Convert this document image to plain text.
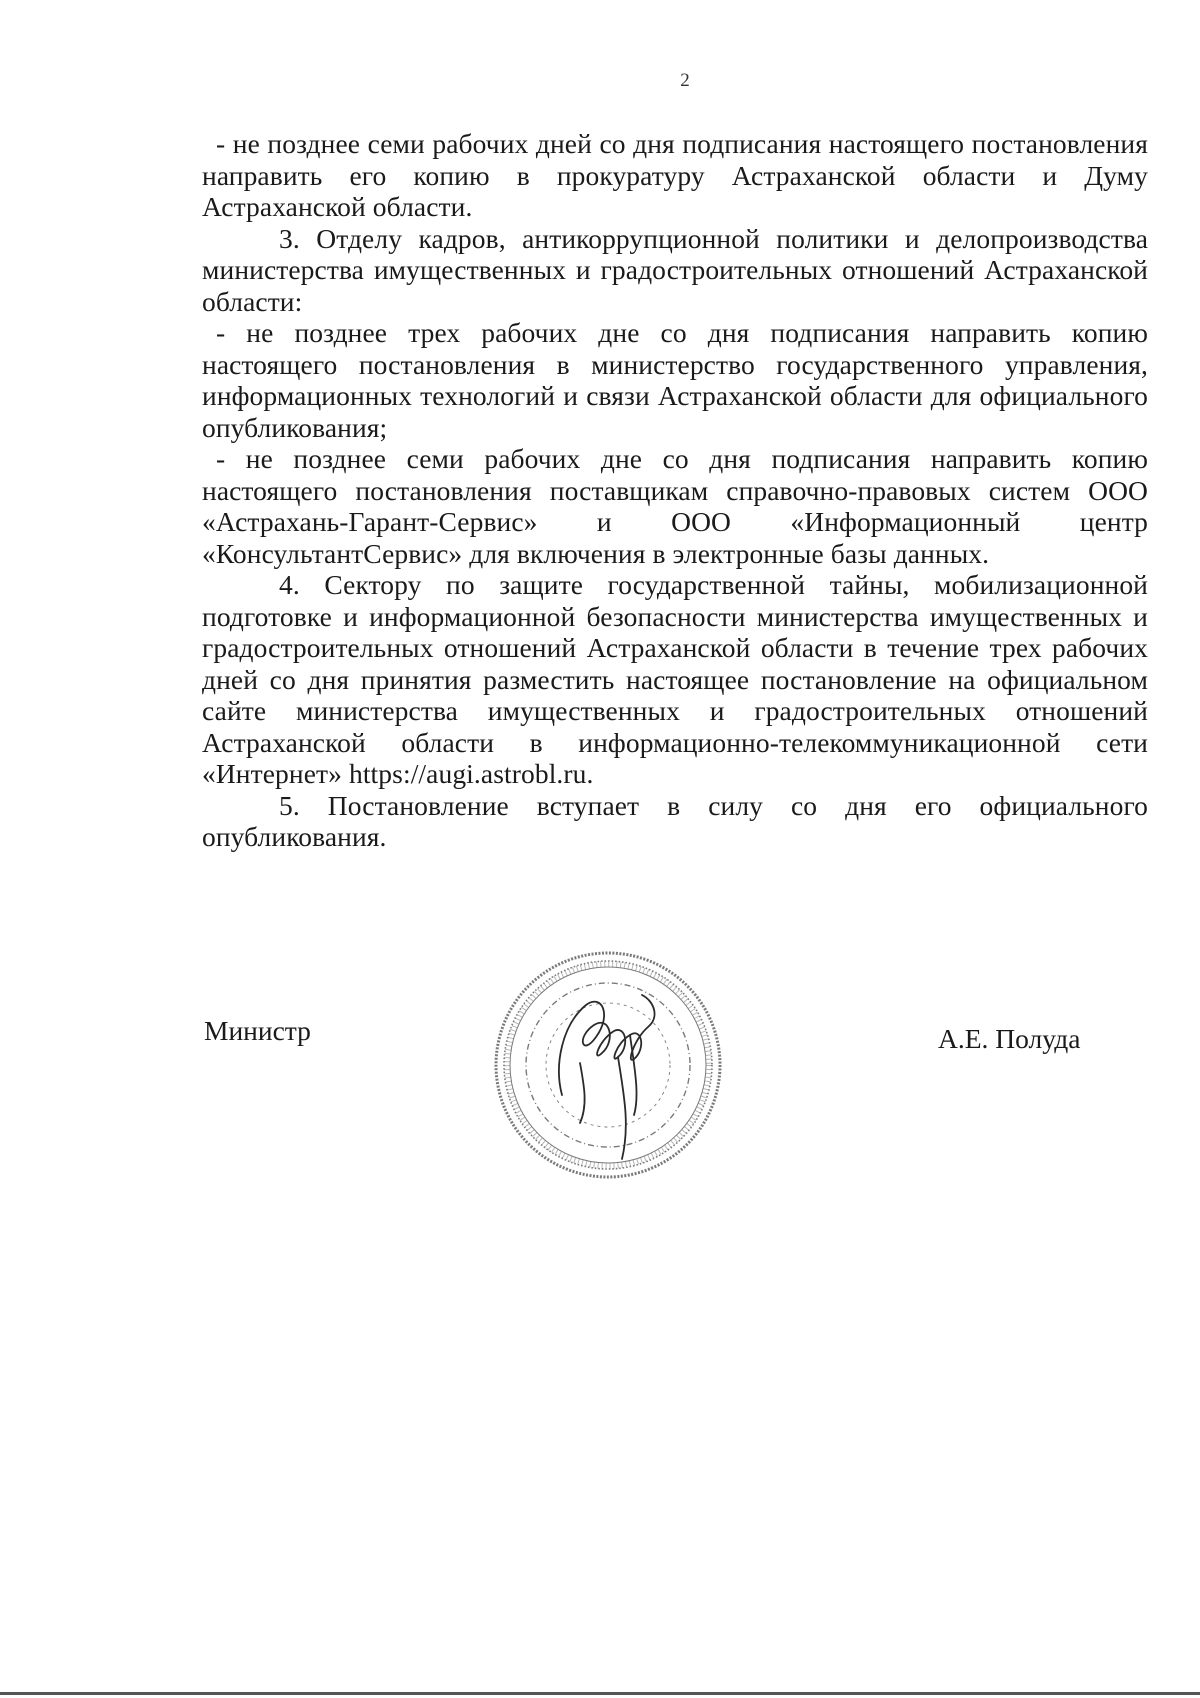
2

- не позднее семи рабочих дней со дня подписания настоящего постановления направить его копию в прокуратуру Астраханской области и Думу Астраханской области.

3. Отделу кадров, антикоррупционной политики и делопроизводства министерства имущественных и градостроительных отношений Астраханской области:

- не позднее трех рабочих дне со дня подписания направить копию настоящего постановления в министерство государственного управления, информационных технологий и связи Астраханской области для официального опубликования;

- не позднее семи рабочих дне со дня подписания направить копию настоящего постановления поставщикам справочно-правовых систем ООО «Астрахань-Гарант-Сервис» и ООО «Информационный центр «КонсультантСервис» для включения в электронные базы данных.

4. Сектору по защите государственной тайны, мобилизационной подготовке и информационной безопасности министерства имущественных и градостроительных отношений Астраханской области в течение трех рабочих дней со дня принятия разместить настоящее постановление на официальном сайте министерства имущественных и градостроительных отношений Астраханской области в информационно-телекоммуникационной сети «Интернет» https://augi.astrobl.ru.

5. Постановление вступает в силу со дня его официального опубликования.

Министр	А.Е. Полуда
